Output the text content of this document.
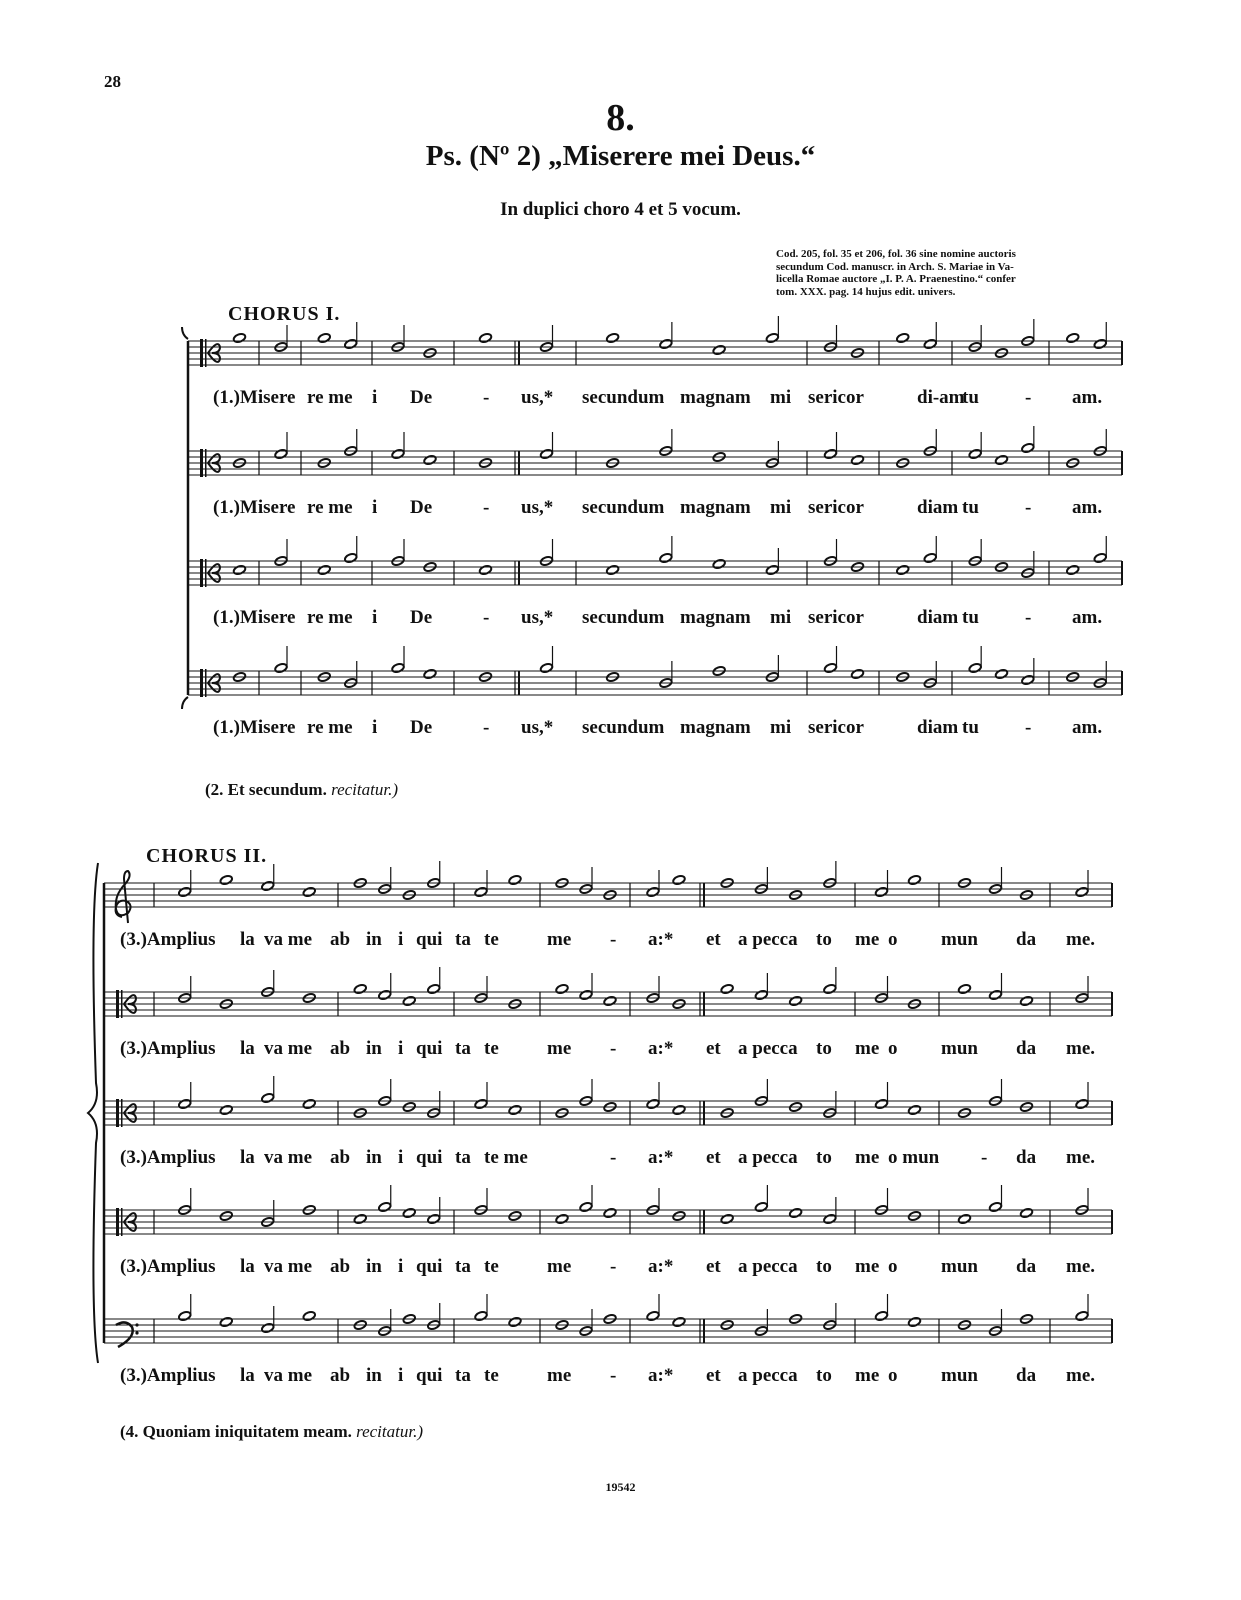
28
8.
Ps. (Nº 2) „Miserere mei Deus.“
In duplici choro 4 et 5 vocum.
Cod. 205, fol. 35 et 206, fol. 36 sine nomine auctoris
secundum Cod. manuscr. in Arch. S. Mariae in Va-
licella Romae auctore „I. P. A. Praenestino.“ confer
tom. XXX. pag. 14 hujus edit. univers.
CHORUS I.
CHORUS II.
(2. Et secundum. recitatur.)
(4. Quoniam iniquitatem meam. recitatur.)
19542
(1.)Misere re me i De	- us,* secundum magnam mi sericor	di-am
tu - am.
(1.)Misere re me i De	- us,* secundum magnam mi sericor	diam tu - am.
(1.)Misere re me i De	- us,* secundum magnam mi sericor	diam tu - am.
(1.)Misere re me i De	- us,* secundum magnam mi sericor	diam tu - am.
(3.)Amplius la va me ab in i qui ta te	me - a:* et a pecca to me o mun da me.
(3.)Amplius la va me ab in i qui ta te	me - a:* et a pecca to me o mun da me.
(3.)Amplius la va me ab in i qui ta te me	- a:* et a pecca to me o mun - da me.
(3.)Amplius la va me ab in i qui ta te	me - a:* et a pecca to me o mun da me.
(3.)Amplius la va me ab in i qui ta te	me - a:* et a pecca to me o mun da me.
